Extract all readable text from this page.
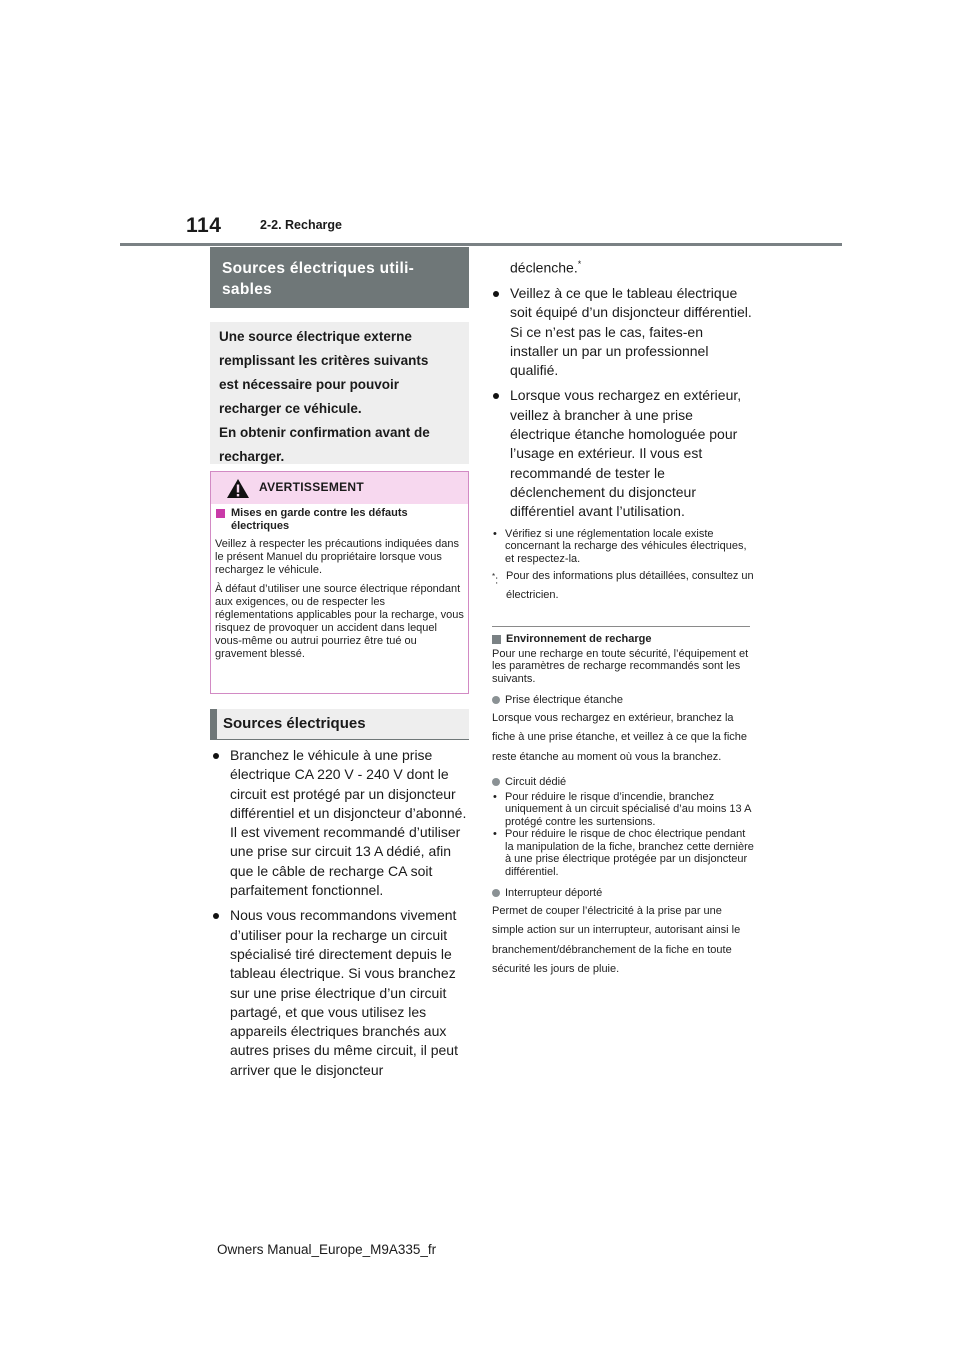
114	2-2. Recharge
Sources électriques utili-
sables

Une source électrique externe

remplissant les critères suivants

est nécessaire pour pouvoir

recharger ce véhicule.

En obtenir confirmation avant de

recharger.

AVERTISSEMENT

Mises en garde contre les défauts électriques

Veillez à respecter les précautions indiquées dans le présent Manuel du propriétaire lorsque vous rechargez le véhicule.

À défaut d’utiliser une source électrique répondant aux exigences, ou de respecter les réglementations applicables pour la recharge, vous risquez de provoquer un accident dans lequel vous-même ou autrui pourriez être tué ou gravement blessé.

Sources électriques
Branchez le véhicule à une prise électrique CA 220 V - 240 V dont le circuit est protégé par un disjoncteur différentiel et un disjoncteur d’abonné. Il est vivement recommandé d’utiliser une prise sur circuit 13 A dédié, afin que le câble de recharge CA soit parfaitement fonctionnel.
Nous vous recommandons vivement d’utiliser pour la recharge un circuit spécialisé tiré directement depuis le tableau électrique. Si vous branchez sur une prise électrique d’un circuit partagé, et que vous utilisez les appareils électriques branchés aux autres prises du même circuit, il peut arriver que le disjoncteur
déclenche.*
Veillez à ce que le tableau électrique soit équipé d’un disjoncteur différentiel. Si ce n’est pas le cas, faites-en installer un par un professionnel qualifié.
Lorsque vous rechargez en extérieur, veillez à brancher à une prise électrique étanche homologuée pour l’usage en extérieur. Il vous est recommandé de tester le déclenchement du disjoncteur différentiel avant l’utilisation.
• Vérifiez si une réglementation locale existe concernant la recharge des véhicules électriques, et respectez-la.
*: Pour des informations plus détaillées, consultez un électricien.

Environnement de recharge

Pour une recharge en toute sécurité, l’équipement et les paramètres de recharge recommandés sont les suivants.

Prise électrique étanche

Lorsque vous rechargez en extérieur, branchez la fiche à une prise étanche, et veillez à ce que la fiche reste étanche au moment où vous la branchez.

Circuit dédié

• Pour réduire le risque d’incendie, branchez uniquement à un circuit spécialisé d’au moins 13 A protégé contre les surtensions.
• Pour réduire le risque de choc électrique pendant la manipulation de la fiche, branchez cette dernière à une prise électrique protégée par un disjoncteur différentiel.

Interrupteur déporté

Permet de couper l’électricité à la prise par une simple action sur un interrupteur, autorisant ainsi le branchement/débranchement de la fiche en toute sécurité les jours de pluie.

Owners Manual_Europe_M9A335_fr
